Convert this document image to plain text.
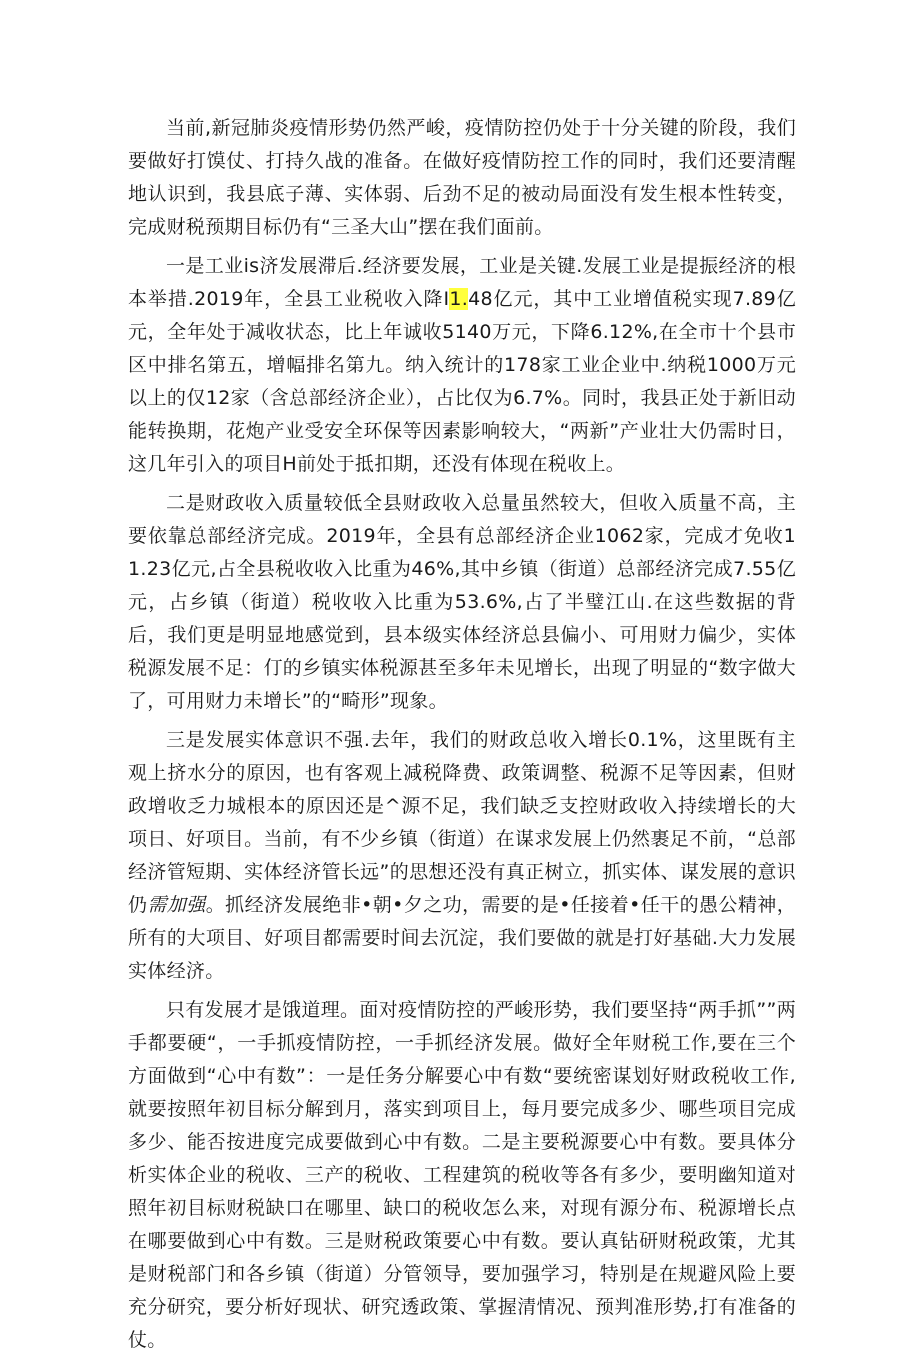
当前,新冠肺炎疫情形势仍然严峻，疫情防控仍处于十分关键的阶段，我们要做好打馍仗、打持久战的准备。在做好疫情防控工作的同时，我们还要清醒地认识到，我县底子薄、实体弱、后劲不足的被动局面没有发生根本性转变，完成财税预期目标仍有“三圣大山”摆在我们面前。

一是工业is济发展滞后.经济要发展，工业是关键.发展工业是提振经济的根本举措.2019年，全县工业税收入降I1.48亿元，其中工业增值税实现7.89亿元，全年处于减收状态，比上年诚收5140万元，下降6.12%,在全市十个县市区中排名第五，增幅排名第九。纳入统计的178家工业企业中.纳税1000万元以上的仅12家（含总部经济企业），占比仅为6.7%。同时，我县正处于新旧动能转换期，花炮产业受安全环保等因素影响较大，“两新”产业壮大仍需时日，这几年引入的项目H前处于抵扣期，还没有体现在税收上。

二是财政收入质量较低全县财政收入总量虽然较大，但收入质量不高，主要依靠总部经济完成。2019年，全县有总部经济企业1062家，完成才免收11.23亿元,占全县税收收入比重为46%,其中乡镇（街道）总部经济完成7.55亿元，占乡镇（街道）税收收入比重为53.6%,占了半璧江山.在这些数据的背后，我们更是明显地感觉到，县本级实体经济总县偏小、可用财力偏少，实体税源发展不足：仃的乡镇实体税源甚至多年未见增长，出现了明显的“数字做大了，可用财力未增长”的“畸形”现象。

三是发展实体意识不强.去年，我们的财政总收入增长0.1%，这里既有主观上挤水分的原因，也有客观上减税降费、政策调整、税源不足等因素，但财政增收乏力城根本的原因还是^源不足，我们缺乏支控财政收入持续增长的大项日、好项目。当前，有不少乡镇（街道）在谋求发展上仍然裹足不前，“总部经济管短期、实体经济管长远”的思想还没有真正树立，抓实体、谋发展的意识仍需加强。抓经济发展绝非•朝•夕之功，需要的是•任接着•任干的愚公精神，所有的大项目、好项目都需要时间去沉淀，我们要做的就是打好基础.大力发展实体经济。

只有发展才是饿道理。面对疫情防控的严峻形势，我们要坚持“两手抓””两手都要硬“，一手抓疫情防控，一手抓经济发展。做好全年财税工作,要在三个方面做到“心中有数”：一是任务分解要心中有数“要统密谋划好财政税收工作,就要按照年初目标分解到月，落实到项目上，每月要完成多少、哪些项目完成多少、能否按进度完成要做到心中有数。二是主要税源要心中有数。要具体分析实体企业的税收、三产的税收、工程建筑的税收等各有多少，要明幽知道对照年初目标财税缺口在哪里、缺口的税收怎么来，对现有源分布、税源增长点在哪要做到心中有数。三是财税政策要心中有数。要认真钻研财税政策，尤其是财税部门和各乡镇（街道）分管领导，要加强学习，特别是在规避风险上要充分研究，要分析好现状、研究透政策、掌握清情况、预判准形势,打有准备的仗。
